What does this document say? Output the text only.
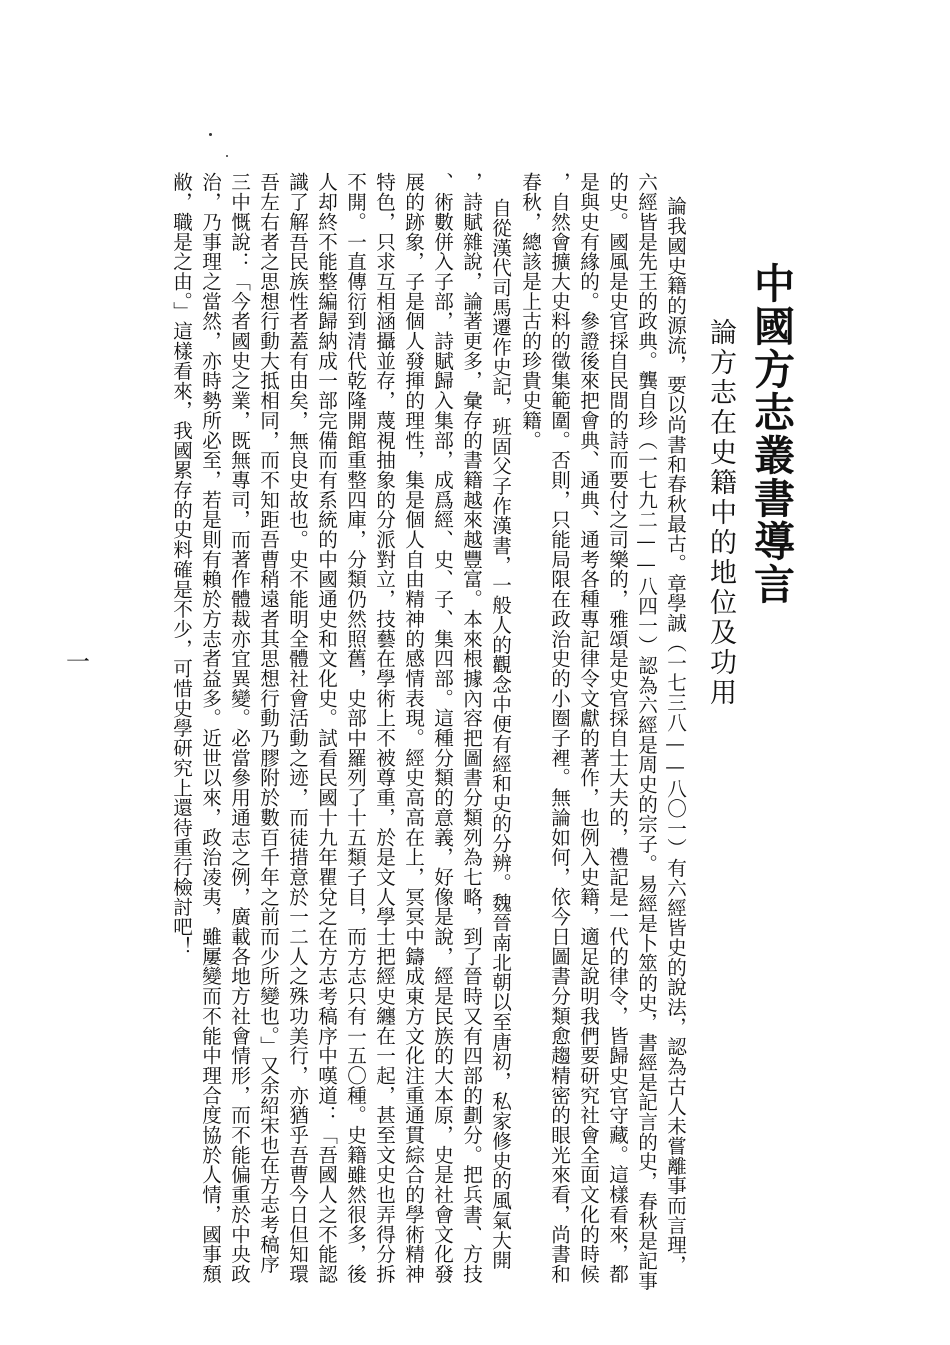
中國方志叢書導言
論方志在史籍中的地位及功用
論我國史籍的源流，要以尚書和春秋最古。章學誠（一七三八——八〇一）有六經皆史的說法，認為古人未嘗離事而言理，
六經皆是先王的政典。龔自珍（一七九二——八四一）認為六經是周史的宗子。易經是卜筮的史，書經是記言的史，春秋是記事
的史。國風是史官採自民間的詩而要付之司樂的，雅頌是史官採自士大夫的，禮記是一代的律令，皆歸史官守藏。這樣看來，都
是與史有緣的。參證後來把會典、通典、通考各種專記律令文獻的著作，也例入史籍，適足說明我們要研究社會全面文化的時候
，自然會擴大史料的徵集範圍。否則，只能局限在政治史的小圈子裡。無論如何，依今日圖書分類愈趨精密的眼光來看，尚書和
春秋，總該是上古的珍貴史籍。
　自從漢代司馬遷作史記，班固父子作漢書，一般人的觀念中便有經和史的分辨。魏晉南北朝以至唐初，私家修史的風氣大開
，詩賦雜說，論著更多，彙存的書籍越來越豐富。本來根據內容把圖書分類列為七略，到了晉時又有四部的劃分。把兵書、方技
、術數併入子部，詩賦歸入集部，成爲經、史、子、集四部。這種分類的意義，好像是說，經是民族的大本原，史是社會文化發
展的跡象，子是個人發揮的理性，集是個人自由精神的感情表現。經史高高在上，冥冥中鑄成東方文化注重通貫綜合的學術精神
特色，只求互相涵攝並存，蔑視抽象的分派對立，技藝在學術上不被尊重，於是文人學士把經史纏在一起，甚至文史也弄得分拆
不開。一直傳衍到清代乾隆開館重整四庫，分類仍然照舊，史部中羅列了十五類子目，而方志只有一五〇種。史籍雖然很多，後
人却終不能整編歸納成一部完備而有系統的中國通史和文化史。試看民國十九年瞿兌之在方志考稿序中嘆道：「吾國人之不能認
識了解吾民族性者蓋有由矣，無良史故也。史不能明全體社會活動之迹，而徒措意於一二人之殊功美行，亦猶乎吾曹今日但知環
吾左右者之思想行動大抵相同，而不知距吾曹稍遠者其思想行動乃膠附於數百千年之前而少所變也。」又余紹宋也在方志考稿序
三中慨說：「今者國史之業，既無專司，而著作體裁亦宜異變。必當參用通志之例，廣載各地方社會情形，而不能偏重於中央政
治，乃事理之當然，亦時勢所必至，若是則有賴於方志者益多。近世以來，政治凌夷，雖屢變而不能中理合度協於人情，國事頹
敝，職是之由。」這樣看來，我國累存的史料確是不少，可惜史學研究上還待重行檢討吧！
一
